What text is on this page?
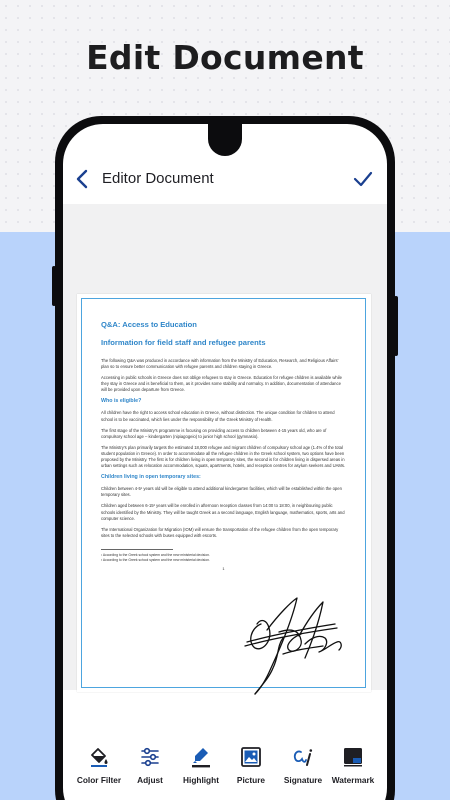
Edit Document
Editor Document
Q&A: Access to Education
Information for field staff and refugee parents
The following Q&A was produced in accordance with information from the Ministry of Education, Research, and Religious Affairs' plan so to ensure better communication with refugee parents and children staying in Greece.
Accessing in public schools in Greece does not oblige refugees to stay in Greece. Education for refugee children is available while they stay in Greece and is beneficial to them, as it provides some stability and normalcy. In addition, documentation of attendance will be provided upon departure from Greece.
Who is eligible?
All children have the right to access school education in Greece, without distinction. The unique condition for children to attend school is to be vaccinated, which lies under the responsibility of the Greek Ministry of Health.
The first stage of the Ministry's programme is focusing on providing access to children between 4-15 years old, who are of compulsory school age – kindergarten (nipiagogeio) to junior high school (gymnasio).
The Ministry's plan primarily targets the estimated 18,000 refugee and migrant children of compulsory school age (1.4% of the total student population in Greece). In order to accommodate all the refugee children in the Greek school system, two options have been proposed by the Ministry. The first is for children living in open temporary sites, the second is for children living in dispersed areas in urban settings such as relocation accommodation, squats, apartments, hotels, and reception centres for asylum seekers and UAMs.
Children living in open temporary sites:
Children between 4-5¹ years old will be eligible to attend additional kindergarten facilities, which will be established within the open temporary sites.
Children aged between 6-15² years will be enrolled in afternoon reception classes from 14:00 to 18:00, in neighbouring public schools identified by the Ministry. They will be taught Greek as a second language, English language, mathematics, sports, arts and computer science.
The International Organization for Migration (IOM) will ensure the transportation of the refugee children from the open temporary sites to the selected schools with buses equipped with escorts.
¹ According to the Greek school system and the new ministerial decision.
² According to the Greek school system and the new ministerial decision.
1
Color Filter	Adjust	Highlight	Picture	Signature	Watermark
